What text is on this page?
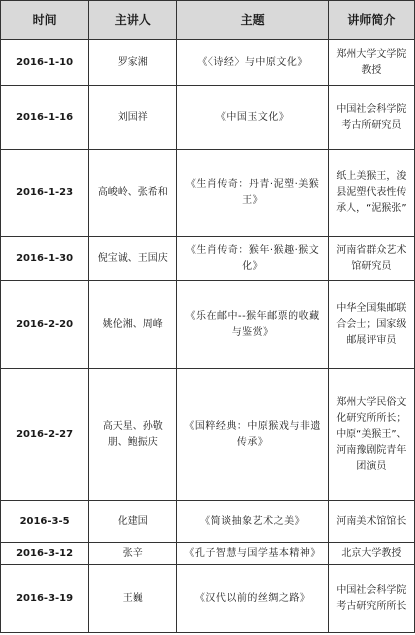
时间	主讲人	主题	讲师简介
2016-1-10	罗家湘	《〈诗经〉与中原文化》	郑州大学文学院教授
2016-1-16	刘国祥	《中国玉文化》	中国社会科学院考古所研究员
2016-1-23	高峻岭、张希和	《生肖传奇：丹青·泥塑·美猴王》	纸上美猴王，浚县泥塑代表性传承人，“泥猴张”
2016-1-30	倪宝诚、王国庆	《生肖传奇：猴年·猴趣·猴文化》	河南省群众艺术馆研究员
2016-2-20	姚伦湘、周峰	《乐在邮中--猴年邮票的收藏与鉴赏》	中华全国集邮联合会士；国家级邮展评审员
2016-2-27	高天星、孙敬朋、鲍振庆	《国粹经典：中原猴戏与非遗传承》	郑州大学民俗文化研究所所长；中原“美猴王”、河南豫剧院青年团演员
2016-3-5	化建国	《简谈抽象艺术之美》	河南美术馆馆长
2016-3-12	张辛	《孔子智慧与国学基本精神》	北京大学教授
2016-3-19	王巍	《汉代以前的丝绸之路》	中国社会科学院考古研究所所长
